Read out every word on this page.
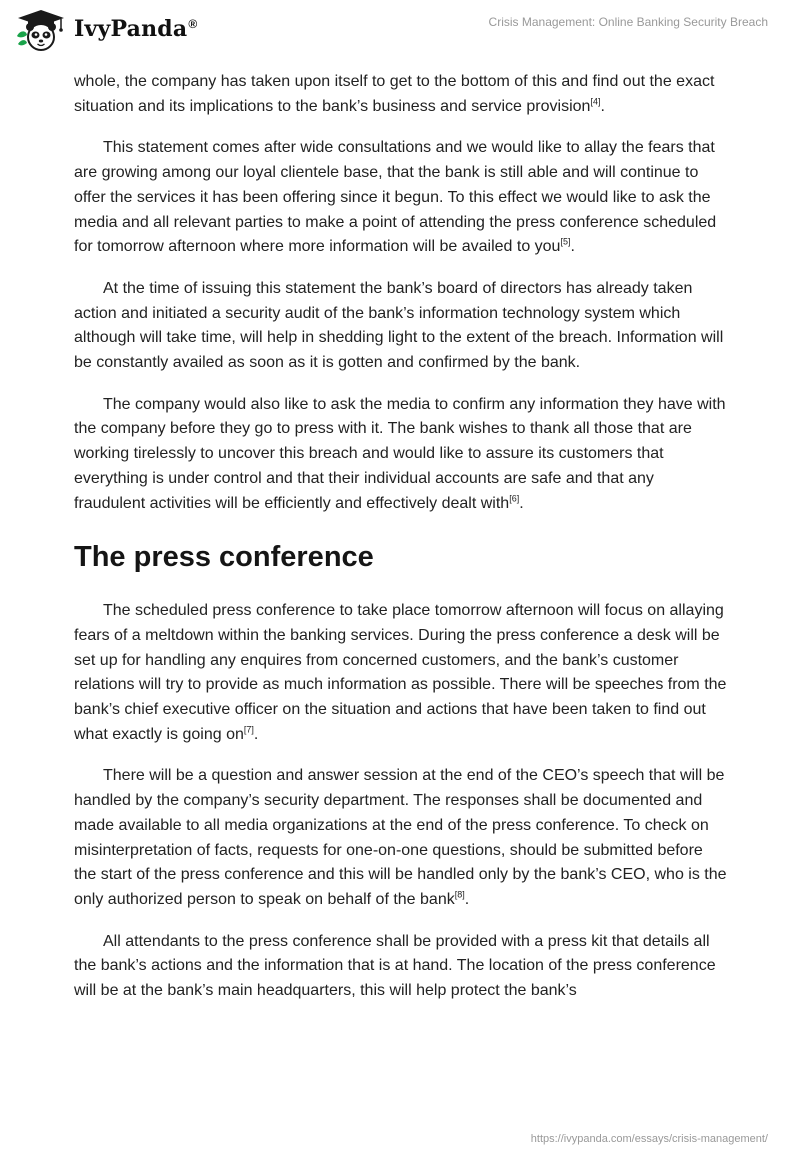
IvyPanda®	Crisis Management: Online Banking Security Breach

whole, the company has taken upon itself to get to the bottom of this and find out the exact situation and its implications to the bank’s business and service provision[4].

This statement comes after wide consultations and we would like to allay the fears that are growing among our loyal clientele base, that the bank is still able and will continue to offer the services it has been offering since it begun. To this effect we would like to ask the media and all relevant parties to make a point of attending the press conference scheduled for tomorrow afternoon where more information will be availed to you[5].

At the time of issuing this statement the bank’s board of directors has already taken action and initiated a security audit of the bank’s information technology system which although will take time, will help in shedding light to the extent of the breach. Information will be constantly availed as soon as it is gotten and confirmed by the bank.

The company would also like to ask the media to confirm any information they have with the company before they go to press with it. The bank wishes to thank all those that are working tirelessly to uncover this breach and would like to assure its customers that everything is under control and that their individual accounts are safe and that any fraudulent activities will be efficiently and effectively dealt with[6].

The press conference

The scheduled press conference to take place tomorrow afternoon will focus on allaying fears of a meltdown within the banking services. During the press conference a desk will be set up for handling any enquires from concerned customers, and the bank’s customer relations will try to provide as much information as possible. There will be speeches from the bank’s chief executive officer on the situation and actions that have been taken to find out what exactly is going on[7].

There will be a question and answer session at the end of the CEO’s speech that will be handled by the company’s security department. The responses shall be documented and made available to all media organizations at the end of the press conference. To check on misinterpretation of facts, requests for one-on-one questions, should be submitted before the start of the press conference and this will be handled only by the bank’s CEO, who is the only authorized person to speak on behalf of the bank[8].

All attendants to the press conference shall be provided with a press kit that details all the bank’s actions and the information that is at hand. The location of the press conference will be at the bank’s main headquarters, this will help protect the bank’s

https://ivypanda.com/essays/crisis-management/
